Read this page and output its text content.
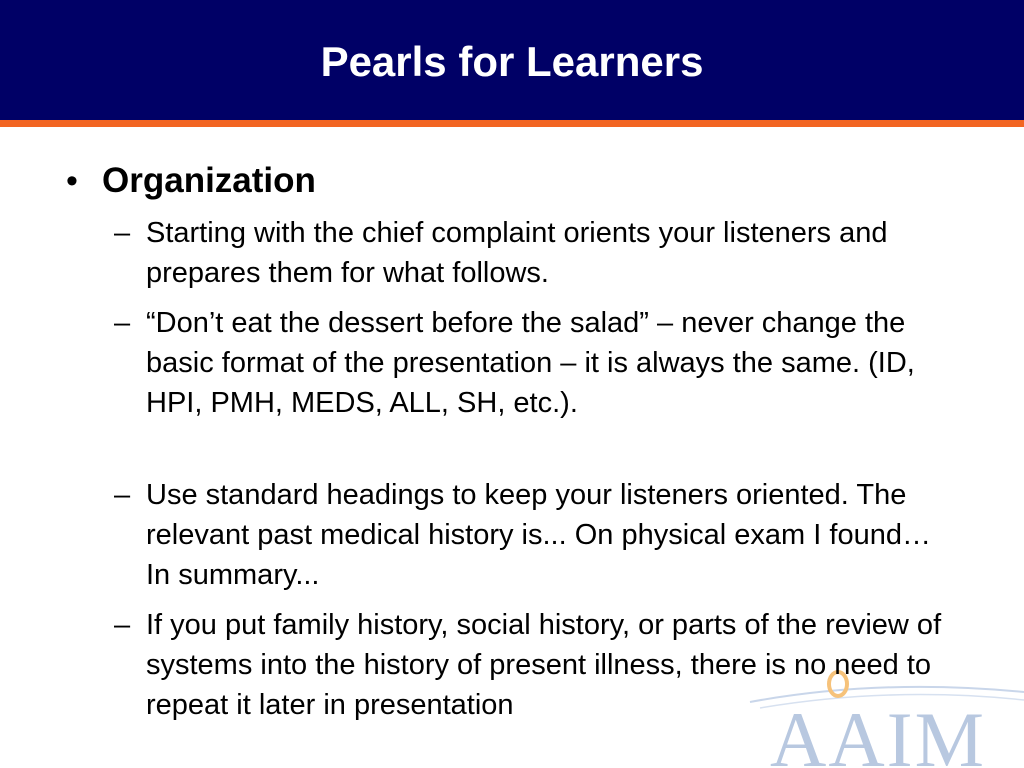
Pearls for Learners
AAIM
• Organization
– Starting with the chief complaint orients your listeners and prepares them for what follows.
– “Don’t eat the dessert before the salad” – never change the basic format of the presentation – it is always the same. (ID, HPI, PMH, MEDS, ALL, SH, etc.).
– Use standard headings to keep your listeners oriented. The relevant past medical history is... On physical exam I found… In summary...
– If you put family history, social history, or parts of the review of systems into the history of present illness, there is no need to repeat it later in presentation
